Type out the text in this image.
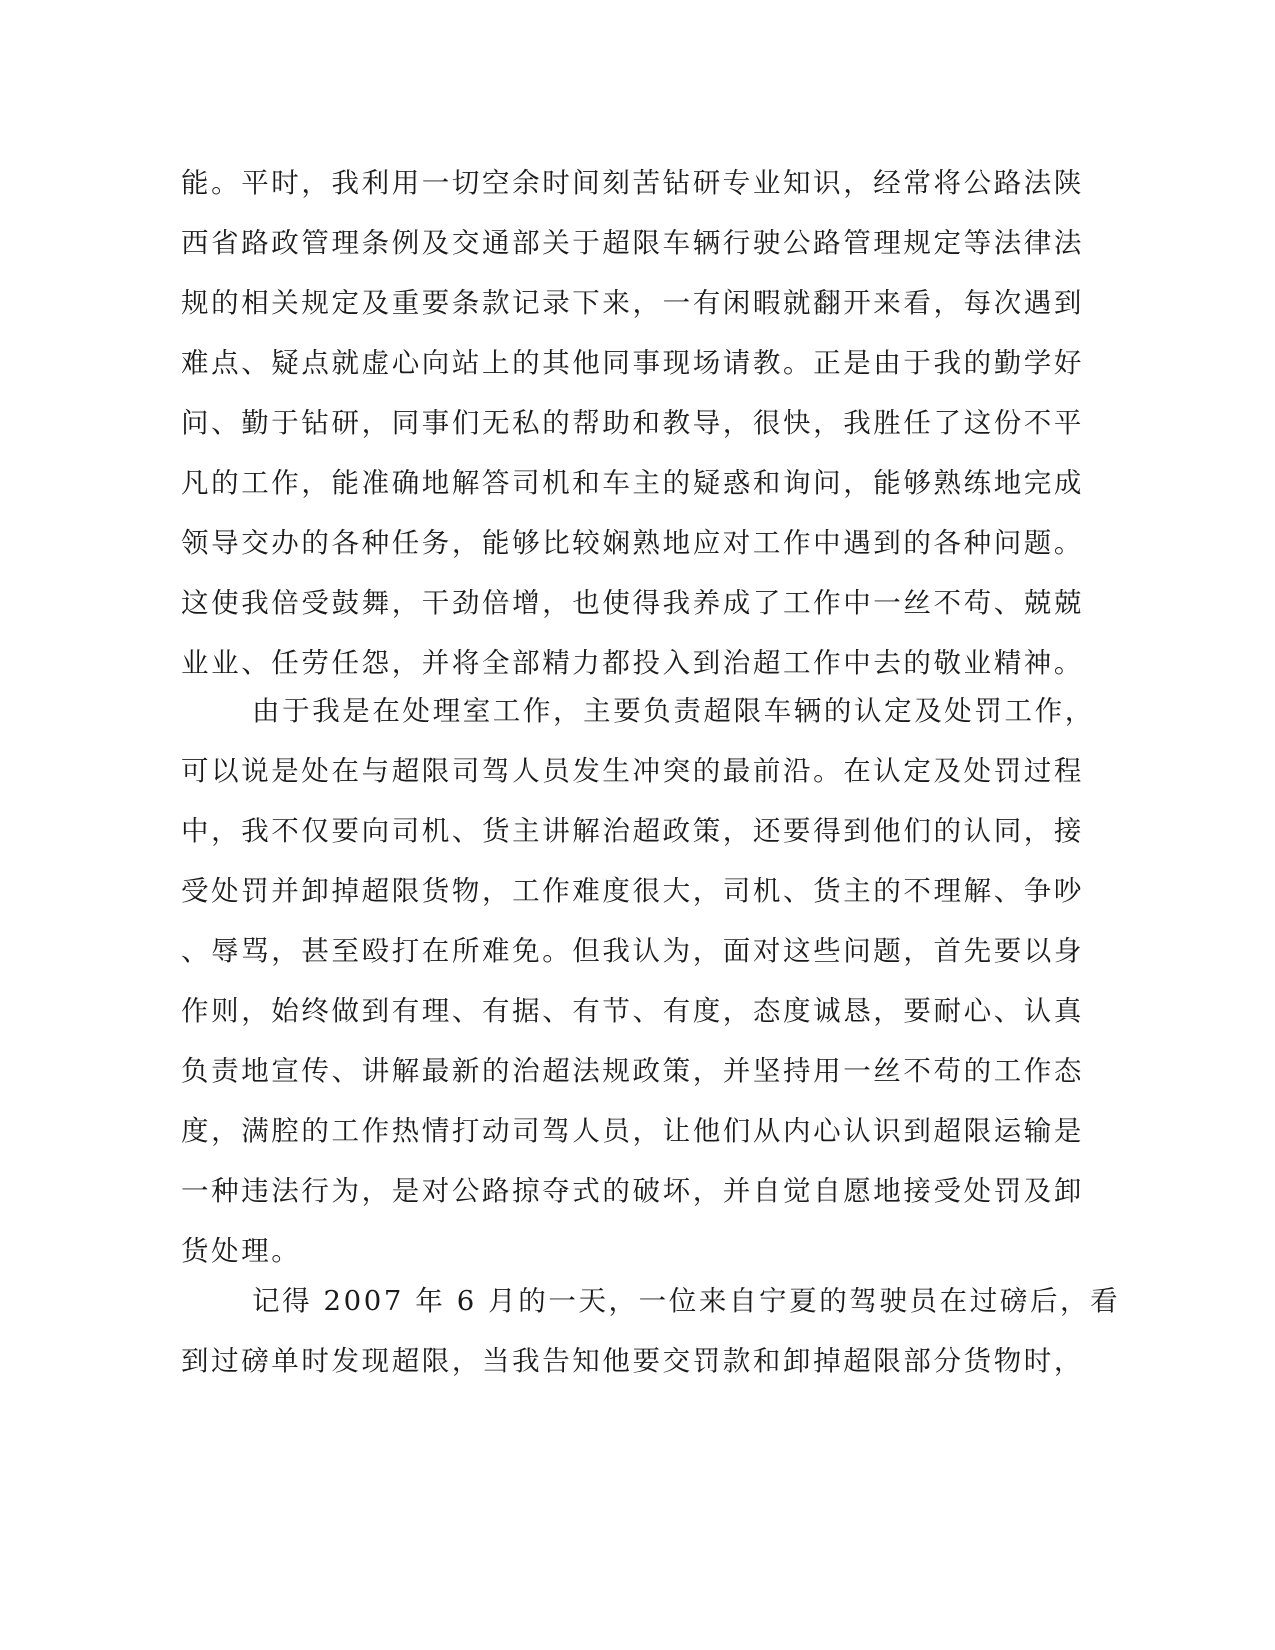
能。平时，我利用一切空余时间刻苦钻研专业知识，经常将公路法陕
西省路政管理条例及交通部关于超限车辆行驶公路管理规定等法律法
规的相关规定及重要条款记录下来，一有闲暇就翻开来看，每次遇到
难点、疑点就虚心向站上的其他同事现场请教。正是由于我的勤学好
问、勤于钻研，同事们无私的帮助和教导，很快，我胜任了这份不平
凡的工作，能准确地解答司机和车主的疑惑和询问，能够熟练地完成
领导交办的各种任务，能够比较娴熟地应对工作中遇到的各种问题。
这使我倍受鼓舞，干劲倍增，也使得我养成了工作中一丝不苟、兢兢
业业、任劳任怨，并将全部精力都投入到治超工作中去的敬业精神。
由于我是在处理室工作，主要负责超限车辆的认定及处罚工作，
可以说是处在与超限司驾人员发生冲突的最前沿。在认定及处罚过程
中，我不仅要向司机、货主讲解治超政策，还要得到他们的认同，接
受处罚并卸掉超限货物，工作难度很大，司机、货主的不理解、争吵
、辱骂，甚至殴打在所难免。但我认为，面对这些问题，首先要以身
作则，始终做到有理、有据、有节、有度，态度诚恳，要耐心、认真
负责地宣传、讲解最新的治超法规政策，并坚持用一丝不苟的工作态
度，满腔的工作热情打动司驾人员，让他们从内心认识到超限运输是
一种违法行为，是对公路掠夺式的破坏，并自觉自愿地接受处罚及卸
货处理。
记得 2007 年 6 月的一天，一位来自宁夏的驾驶员在过磅后，看
到过磅单时发现超限，当我告知他要交罚款和卸掉超限部分货物时，
